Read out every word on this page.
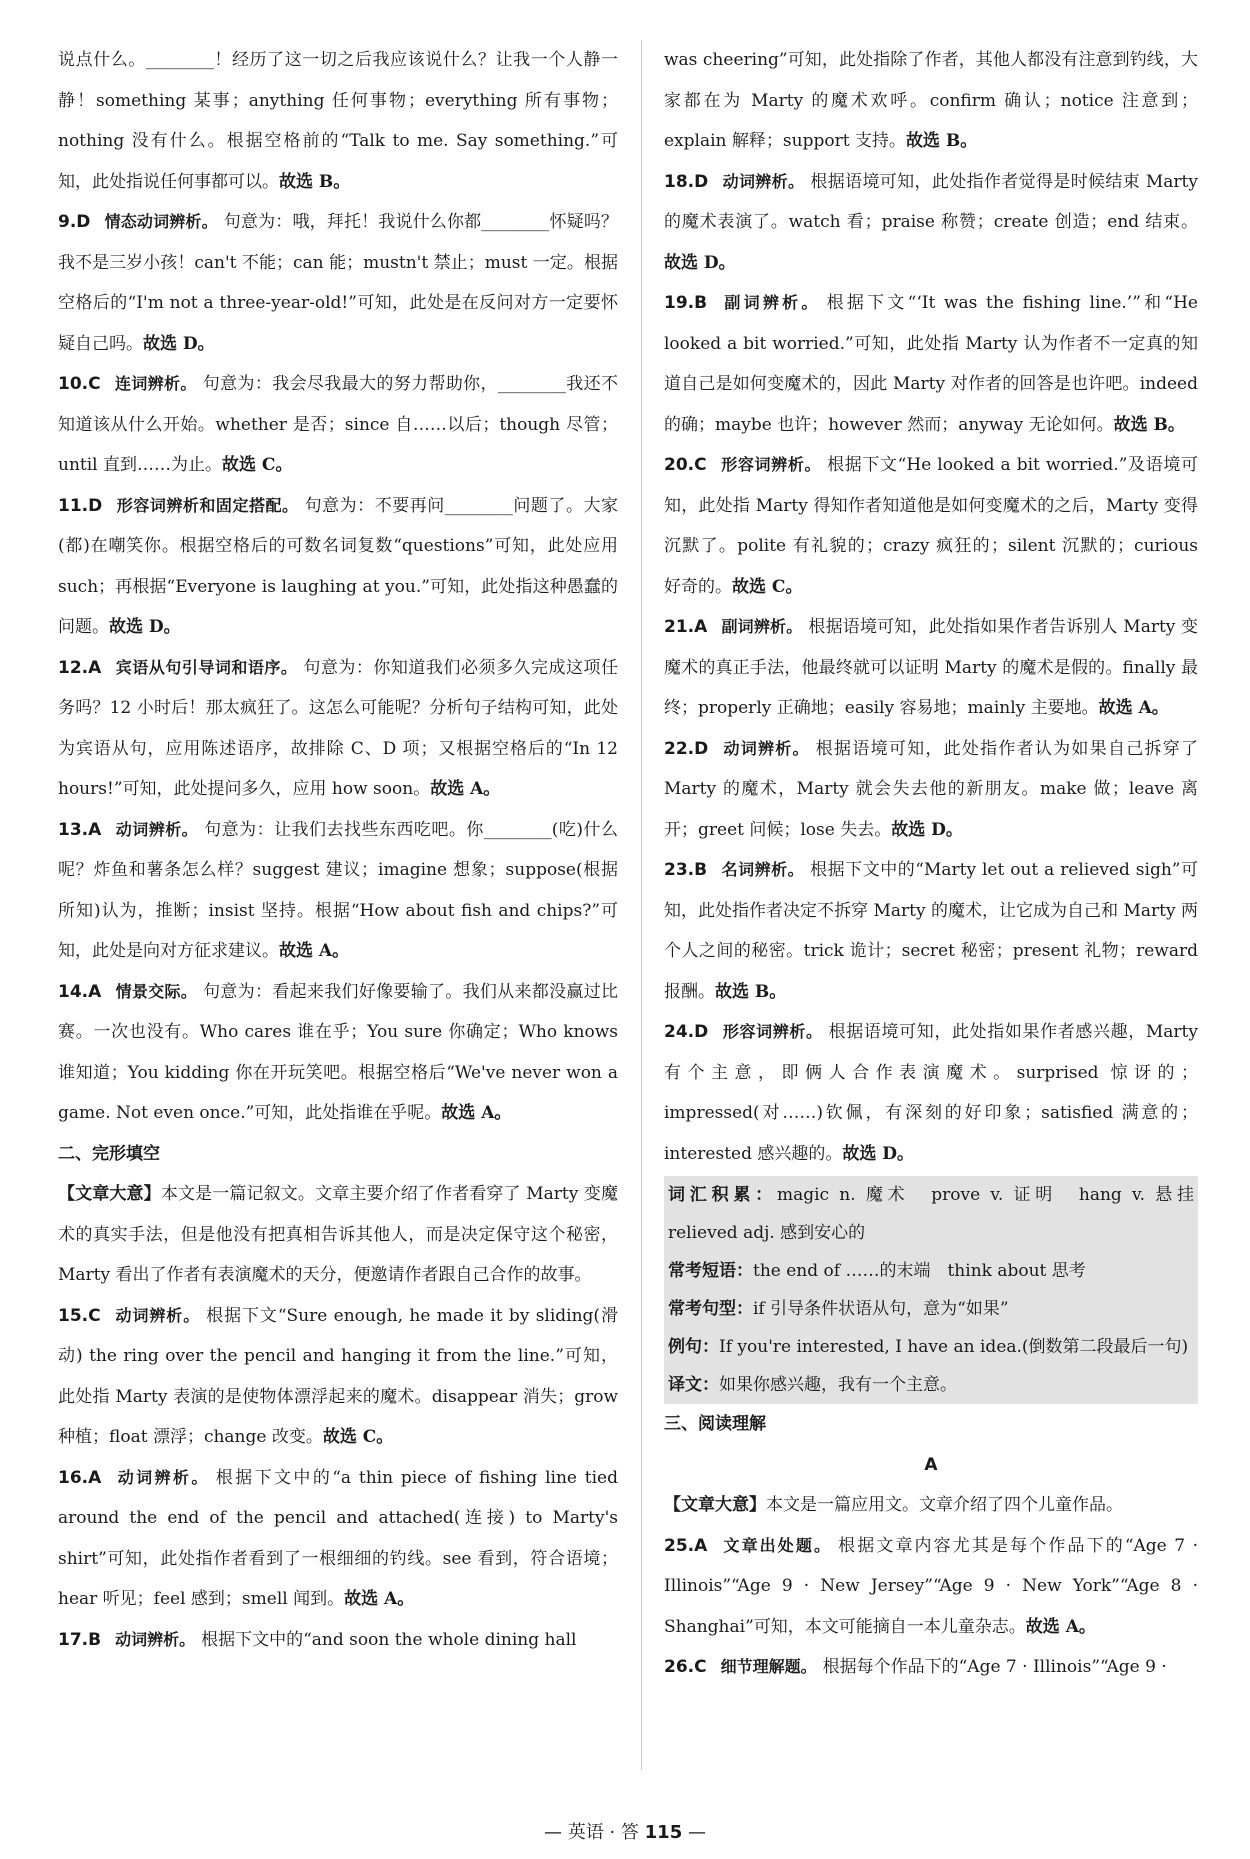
说点什么。________！经历了这一切之后我应该说什么？让我一个人静一静！something 某事；anything 任何事物；everything 所有事物；nothing 没有什么。根据空格前的“Talk to me. Say something.”可知，此处指说任何事都可以。故选 B。

9.D 情态动词辨析。 句意为：哦，拜托！我说什么你都________怀疑吗？我不是三岁小孩！can't 不能；can 能；mustn't 禁止；must 一定。根据空格后的“I'm not a three-year-old!”可知，此处是在反问对方一定要怀疑自己吗。故选 D。

10.C 连词辨析。 句意为：我会尽我最大的努力帮助你，________我还不知道该从什么开始。whether 是否；since 自……以后；though 尽管；until 直到……为止。故选 C。

11.D 形容词辨析和固定搭配。 句意为：不要再问________问题了。大家(都)在嘲笑你。根据空格后的可数名词复数“questions”可知，此处应用 such；再根据“Everyone is laughing at you.”可知，此处指这种愚蠢的问题。故选 D。

12.A 宾语从句引导词和语序。 句意为：你知道我们必须多久完成这项任务吗？12 小时后！那太疯狂了。这怎么可能呢？分析句子结构可知，此处为宾语从句，应用陈述语序，故排除 C、D 项；又根据空格后的“In 12 hours!”可知，此处提问多久，应用 how soon。故选 A。

13.A 动词辨析。 句意为：让我们去找些东西吃吧。你________(吃)什么呢？炸鱼和薯条怎么样？suggest 建议；imagine 想象；suppose(根据所知)认为，推断；insist 坚持。根据“How about fish and chips?”可知，此处是向对方征求建议。故选 A。

14.A 情景交际。 句意为：看起来我们好像要输了。我们从来都没赢过比赛。一次也没有。Who cares 谁在乎；You sure 你确定；Who knows 谁知道；You kidding 你在开玩笑吧。根据空格后“We've never won a game. Not even once.”可知，此处指谁在乎呢。故选 A。

二、完形填空

【文章大意】本文是一篇记叙文。文章主要介绍了作者看穿了 Marty 变魔术的真实手法，但是他没有把真相告诉其他人，而是决定保守这个秘密，Marty 看出了作者有表演魔术的天分，便邀请作者跟自己合作的故事。

15.C 动词辨析。 根据下文“Sure enough, he made it by sliding(滑动) the ring over the pencil and hanging it from the line.”可知，此处指 Marty 表演的是使物体漂浮起来的魔术。disappear 消失；grow 种植；float 漂浮；change 改变。故选 C。

16.A 动词辨析。 根据下文中的“a thin piece of fishing line tied around the end of the pencil and attached(连接) to Marty's shirt”可知，此处指作者看到了一根细细的钓线。see 看到，符合语境；hear 听见；feel 感到；smell 闻到。故选 A。

17.B 动词辨析。 根据下文中的“and soon the whole dining hall

was cheering”可知，此处指除了作者，其他人都没有注意到钓线，大家都在为 Marty 的魔术欢呼。confirm 确认；notice 注意到；explain 解释；support 支持。故选 B。

18.D 动词辨析。 根据语境可知，此处指作者觉得是时候结束 Marty 的魔术表演了。watch 看；praise 称赞；create 创造；end 结束。故选 D。

19.B 副词辨析。 根据下文“‘It was the fishing line.’”和“He looked a bit worried.”可知，此处指 Marty 认为作者不一定真的知道自己是如何变魔术的，因此 Marty 对作者的回答是也许吧。indeed 的确；maybe 也许；however 然而；anyway 无论如何。故选 B。

20.C 形容词辨析。 根据下文“He looked a bit worried.”及语境可知，此处指 Marty 得知作者知道他是如何变魔术的之后，Marty 变得沉默了。polite 有礼貌的；crazy 疯狂的；silent 沉默的；curious 好奇的。故选 C。

21.A 副词辨析。 根据语境可知，此处指如果作者告诉别人 Marty 变魔术的真正手法，他最终就可以证明 Marty 的魔术是假的。finally 最终；properly 正确地；easily 容易地；mainly 主要地。故选 A。

22.D 动词辨析。 根据语境可知，此处指作者认为如果自己拆穿了 Marty 的魔术，Marty 就会失去他的新朋友。make 做；leave 离开；greet 问候；lose 失去。故选 D。

23.B 名词辨析。 根据下文中的“Marty let out a relieved sigh”可知，此处指作者决定不拆穿 Marty 的魔术，让它成为自己和 Marty 两个人之间的秘密。trick 诡计；secret 秘密；present 礼物；reward 报酬。故选 B。

24.D 形容词辨析。 根据语境可知，此处指如果作者感兴趣，Marty 有个主意，即俩人合作表演魔术。surprised 惊讶的；impressed(对……)钦佩，有深刻的好印象；satisfied 满意的；interested 感兴趣的。故选 D。

词汇积累：magic n. 魔术　prove v. 证明　hang v. 悬挂　relieved adj. 感到安心的

常考短语：the end of ……的末端　think about 思考

常考句型：if 引导条件状语从句，意为“如果”

例句：If you're interested, I have an idea.(倒数第二段最后一句)

译文：如果你感兴趣，我有一个主意。

三、阅读理解

A

【文章大意】本文是一篇应用文。文章介绍了四个儿童作品。

25.A 文章出处题。 根据文章内容尤其是每个作品下的“Age 7 · Illinois”“Age 9 · New Jersey”“Age 9 · New York”“Age 8 · Shanghai”可知，本文可能摘自一本儿童杂志。故选 A。

26.C 细节理解题。 根据每个作品下的“Age 7 · Illinois”“Age 9 ·

— 英语 · 答 115 —
